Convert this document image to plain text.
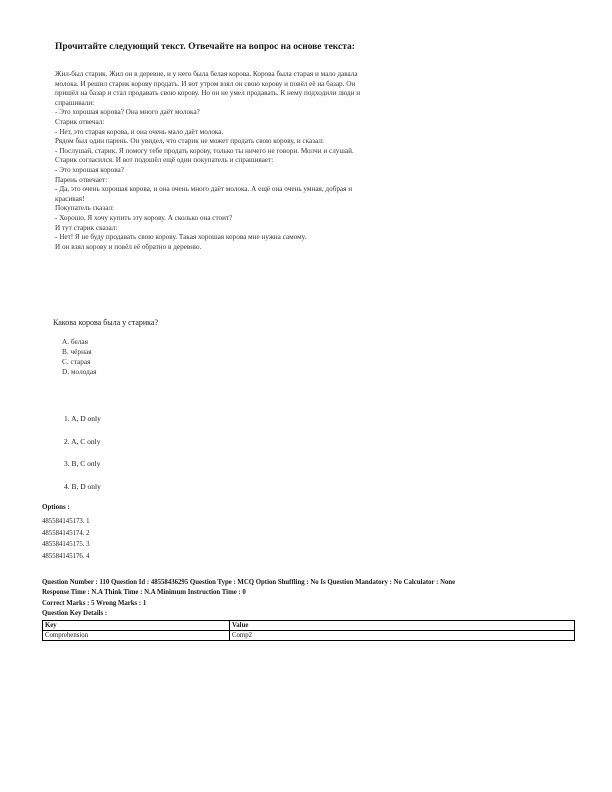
Прочитайте следующий текст. Отвечайте на вопрос на основе текста:
Жил-был старик. Жил он в деревне, и у него была белая корова. Корова была старая и мало давала
молока. И решил старик корову продать. И вот утром взял он свою корову и повёл её на базар. Он
пришёл на базар и стал продавать свою корову. Но он не умел продавать. К нему подходили люди и
спрашивали:
- Это хорошая корова? Она много даёт молока?
Старик отвечал:
- Нет, это старая корова, и она очень мало даёт молока.
Рядом был один парень. Он увидел, что старик не может продать свою корову, и сказал:
- Послушай, старик. Я помогу тебе продать корову, только ты ничего не говори. Молчи и слушай.
Старик согласился. И вот подошёл ещё один покупатель и спрашивает:
- Это хорошая корова?
Парень отвечает:
- Да, это очень хорошая корова, и она очень много даёт молока. А ещё она очень умная, добрая и
красивая!
Покупатель сказал:
- Хорошо. Я хочу купить эту корову. А сколько она стоит?
И тут старик сказал:
- Нет! Я не буду продавать свою корову. Такая хорошая корова мне нужна самому.
И он взял корову и повёл её обратно в деревню.
Какова корова была у старика?
A. белая
B. чёрная
C. старая
D. молодая
1. A, D only
2. A, C only
3. B, C only
4. B, D only
Options :
485584145173. 1
485584145174. 2
485584145175. 3
485584145176. 4
Question Number : 110 Question Id : 48558436295 Question Type : MCQ Option Shuffling : No Is Question Mandatory : No Calculator : None
Response Time : N.A Think Time : N.A Minimum Instruction Time : 0
Correct Marks : 5 Wrong Marks : 1
Question Key Details :
Key	Value
Comprehension	Comp2
